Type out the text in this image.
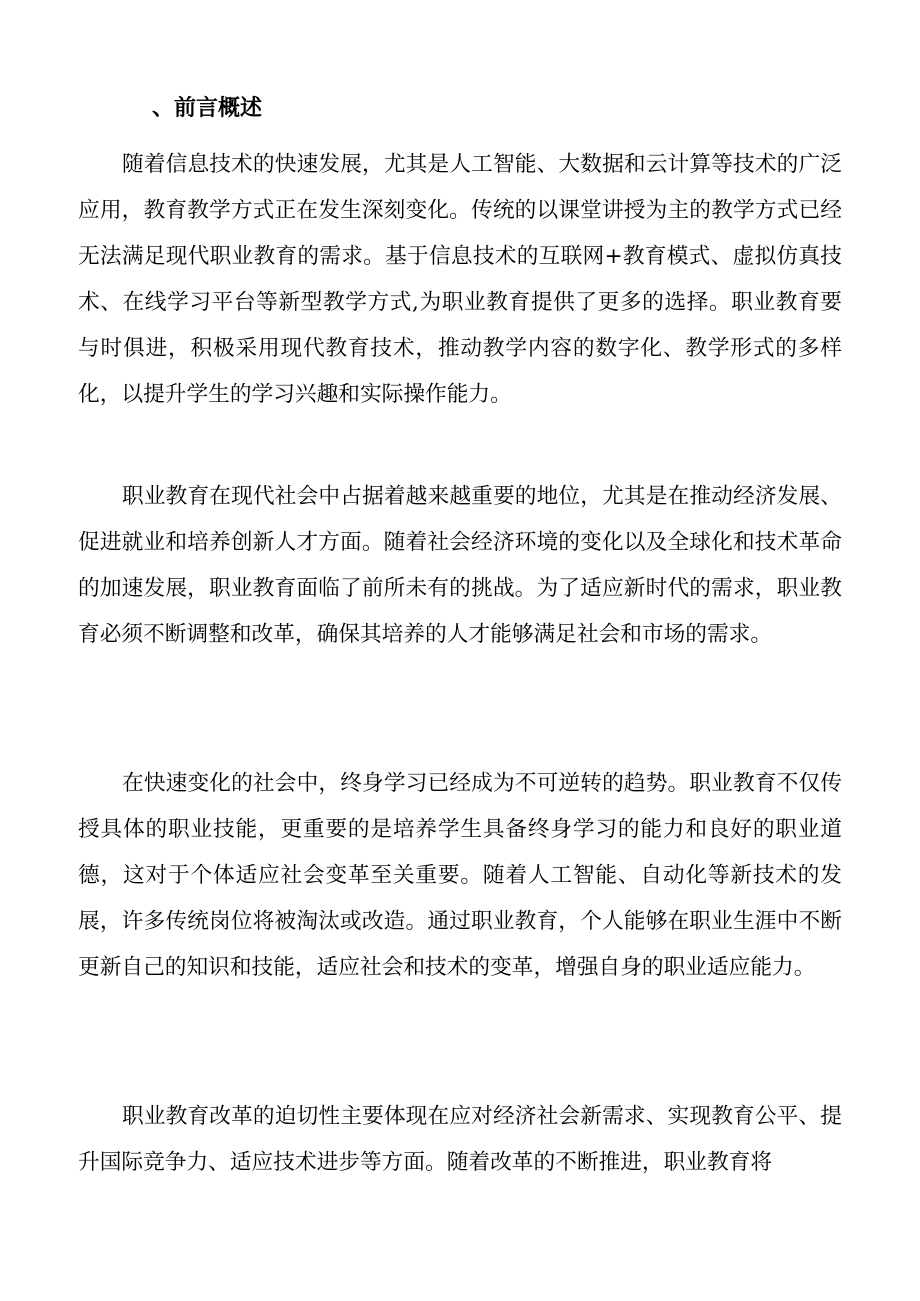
、前言概述

随着信息技术的快速发展，尤其是人工智能、大数据和云计算等技术的广泛应用，教育教学方式正在发生深刻变化。传统的以课堂讲授为主的教学方式已经无法满足现代职业教育的需求。基于信息技术的互联网+教育模式、虚拟仿真技术、在线学习平台等新型教学方式,为职业教育提供了更多的选择。职业教育要与时俱进，积极采用现代教育技术，推动教学内容的数字化、教学形式的多样化，以提升学生的学习兴趣和实际操作能力。

职业教育在现代社会中占据着越来越重要的地位，尤其是在推动经济发展、促进就业和培养创新人才方面。随着社会经济环境的变化以及全球化和技术革命的加速发展，职业教育面临了前所未有的挑战。为了适应新时代的需求，职业教育必须不断调整和改革，确保其培养的人才能够满足社会和市场的需求。

在快速变化的社会中，终身学习已经成为不可逆转的趋势。职业教育不仅传授具体的职业技能，更重要的是培养学生具备终身学习的能力和良好的职业道德，这对于个体适应社会变革至关重要。随着人工智能、自动化等新技术的发展，许多传统岗位将被淘汰或改造。通过职业教育，个人能够在职业生涯中不断更新自己的知识和技能，适应社会和技术的变革，增强自身的职业适应能力。

职业教育改革的迫切性主要体现在应对经济社会新需求、实现教育公平、提升国际竞争力、适应技术进步等方面。随着改革的不断推进，职业教育将
